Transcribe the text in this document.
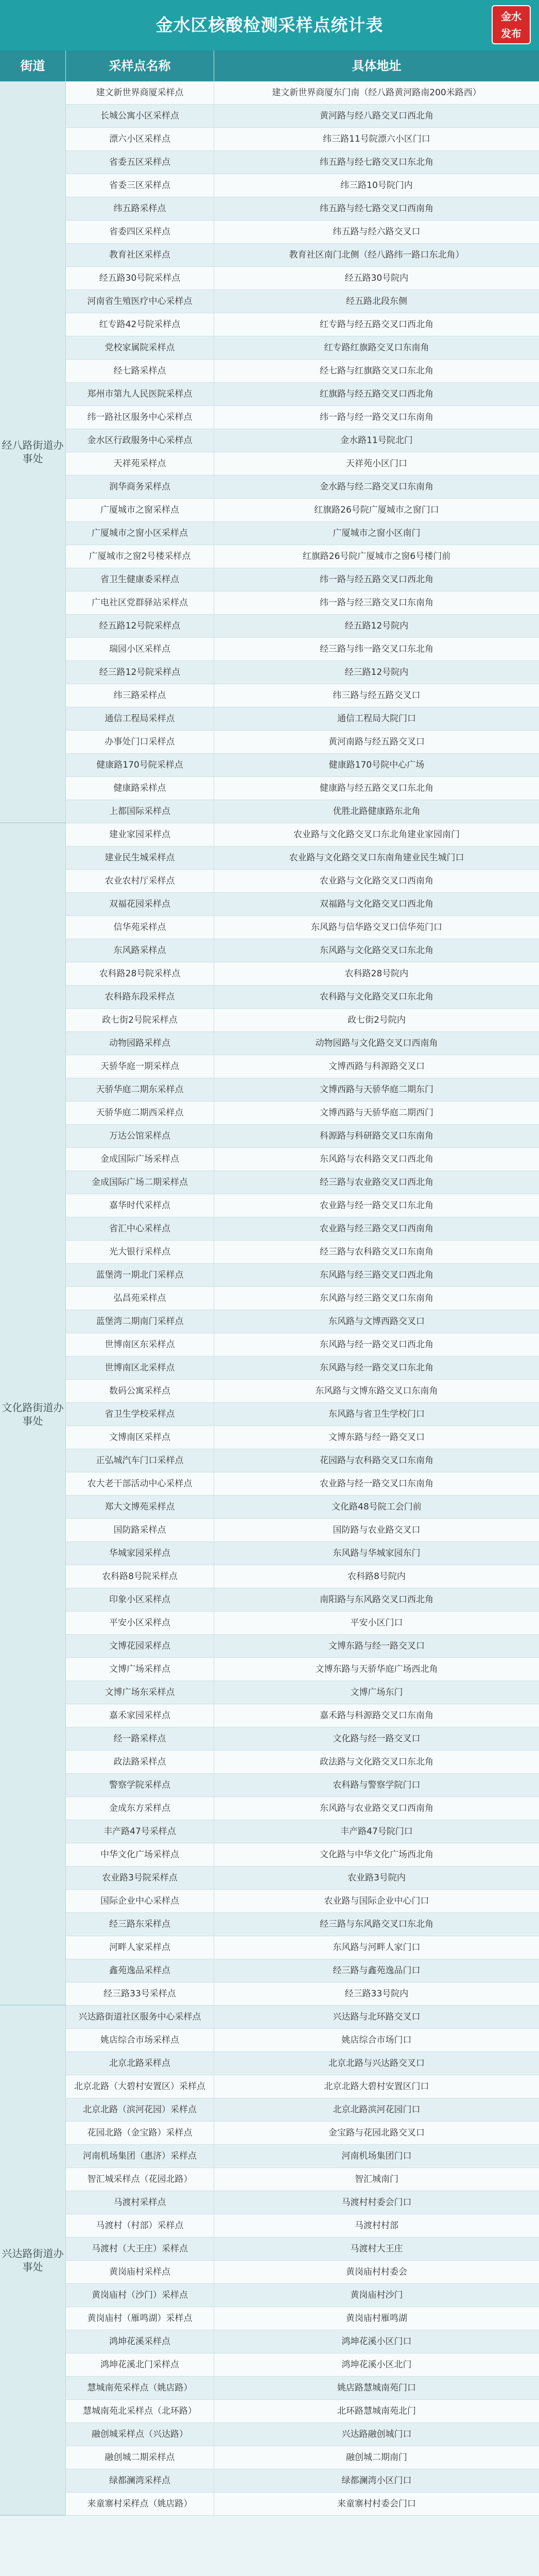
金水区核酸检测采样点统计表	金水
发布
街道	采样点名称	具体地址
建文新世界商厦采样点	建文新世界商厦东门南（经八路黄河路南200米路西）
长城公寓小区采样点	黄河路与经八路交叉口西北角
漂六小区采样点	纬三路11号院漂六小区门口
省委五区采样点	纬五路与经七路交叉口东北角
省委三区采样点	纬三路10号院门内
纬五路采样点	纬五路与经七路交叉口西南角
省委四区采样点	纬五路与经六路交叉口
教育社区采样点	教育社区南门北侧（经八路纬一路口东北角）
经五路30号院采样点	经五路30号院内
河南省生殖医疗中心采样点	经五路北段东侧
红专路42号院采样点	红专路与经五路交叉口西北角
党校家属院采样点	红专路红旗路交叉口东南角
经七路采样点	经七路与红旗路交叉口东北角
郑州市第九人民医院采样点	红旗路与经五路交叉口西北角
纬一路社区服务中心采样点	纬一路与经一路交叉口东南角
金水区行政服务中心采样点	金水路11号院北门
天祥苑采样点	天祥苑小区门口
润华商务采样点	金水路与经二路交叉口东南角
广厦城市之窗采样点	红旗路26号院广厦城市之窗门口
广厦城市之窗小区采样点	广厦城市之窗小区南门
广厦城市之窗2号楼采样点	红旗路26号院广厦城市之窗6号楼门前
省卫生健康委采样点	纬一路与经五路交叉口西北角
广电社区党群驿站采样点	纬一路与经三路交叉口东南角
经五路12号院采样点	经五路12号院内
瑞园小区采样点	经三路与纬一路交叉口东北角
经三路12号院采样点	经三路12号院内
纬三路采样点	纬三路与经五路交叉口
通信工程局采样点	通信工程局大院门口
办事处门口采样点	黄河南路与经五路交叉口
健康路170号院采样点	健康路170号院中心广场
健康路采样点	健康路与经五路交叉口东北角
上都国际采样点	优胜北路健康路东北角
经八路街道办事处
建业家园采样点	农业路与文化路交叉口东北角建业家园南门
建业民生城采样点	农业路与文化路交叉口东南角建业民生城门口
农业农村厅采样点	农业路与文化路交叉口西南角
双福花园采样点	双福路与文化路交叉口西北角
信华苑采样点	东风路与信华路交叉口信华苑门口
东风路采样点	东风路与文化路交叉口东北角
农科路28号院采样点	农科路28号院内
农科路东段采样点	农科路与文化路交叉口东北角
政七街2号院采样点	政七街2号院内
动物园路采样点	动物园路与文化路交叉口西南角
天骄华庭一期采样点	文博西路与科源路交叉口
天骄华庭二期东采样点	文博西路与天骄华庭二期东门
天骄华庭二期西采样点	文博西路与天骄华庭二期西门
万达公馆采样点	科源路与科研路交叉口东南角
金成国际广场采样点	东风路与农科路交叉口西北角
金成国际广场二期采样点	经三路与农业路交叉口西北角
嘉华时代采样点	农业路与经一路交叉口东北角
省汇中心采样点	农业路与经三路交叉口西南角
光大银行采样点	经三路与农科路交叉口东南角
蓝堡湾一期北门采样点	东风路与经三路交叉口西北角
弘昌苑采样点	东风路与经三路交叉口东南角
蓝堡湾二期南门采样点	东风路与文博西路交叉口
世博南区东采样点	东风路与经一路交叉口西北角
世博南区北采样点	东风路与经一路交叉口东北角
数码公寓采样点	东风路与文博东路交叉口东南角
省卫生学校采样点	东风路与省卫生学校门口
文博南区采样点	文博东路与经一路交叉口
正弘城汽车门口采样点	花园路与农科路交叉口东南角
农大老干部活动中心采样点	农业路与经一路交叉口东南角
郑大文博苑采样点	文化路48号院工会门前
国防路采样点	国防路与农业路交叉口
华城家园采样点	东风路与华城家园东门
农科路8号院采样点	农科路8号院内
印象小区采样点	南阳路与东风路交叉口西北角
平安小区采样点	平安小区门口
文博花园采样点	文博东路与经一路交叉口
文博广场采样点	文博东路与天骄华庭广场西北角
文博广场东采样点	文博广场东门
嘉禾家园采样点	嘉禾路与科源路交叉口东南角
经一路采样点	文化路与经一路交叉口
政法路采样点	政法路与文化路交叉口东北角
警察学院采样点	农科路与警察学院门口
金成东方采样点	东风路与农业路交叉口西南角
丰产路47号采样点	丰产路47号院门口
中华文化广场采样点	文化路与中华文化广场西北角
农业路3号院采样点	农业路3号院内
国际企业中心采样点	农业路与国际企业中心门口
经三路东采样点	经三路与东风路交叉口东北角
河畔人家采样点	东风路与河畔人家门口
鑫苑逸品采样点	经三路与鑫苑逸品门口
经三路33号采样点	经三路33号院内
文化路街道办事处
兴达路街道社区服务中心采样点	兴达路与北环路交叉口
姚店综合市场采样点	姚店综合市场门口
北京北路采样点	北京北路与兴达路交叉口
北京北路（大碧村安置区）采样点	北京北路大碧村安置区门口
北京北路（滨河花园）采样点	北京北路滨河花园门口
花园北路（金宝路）采样点	金宝路与花园北路交叉口
河南机场集团（惠济）采样点	河南机场集团门口
智汇城采样点（花园北路）	智汇城南门
马渡村采样点	马渡村村委会门口
马渡村（村部）采样点	马渡村村部
马渡村（大王庄）采样点	马渡村大王庄
黄岗庙村采样点	黄岗庙村村委会
黄岗庙村（沙门）采样点	黄岗庙村沙门
黄岗庙村（雁鸣湖）采样点	黄岗庙村雁鸣湖
鸿坤花溪采样点	鸿坤花溪小区门口
鸿坤花溪北门采样点	鸿坤花溪小区北门
慧城南苑采样点（姚店路）	姚店路慧城南苑门口
慧城南苑北采样点（北环路）	北环路慧城南苑北门
融创城采样点（兴达路）	兴达路融创城门口
融创城二期采样点	融创城二期南门
绿都澜湾采样点	绿都澜湾小区门口
来童寨村采样点（姚店路）	来童寨村村委会门口
兴达路街道办事处
